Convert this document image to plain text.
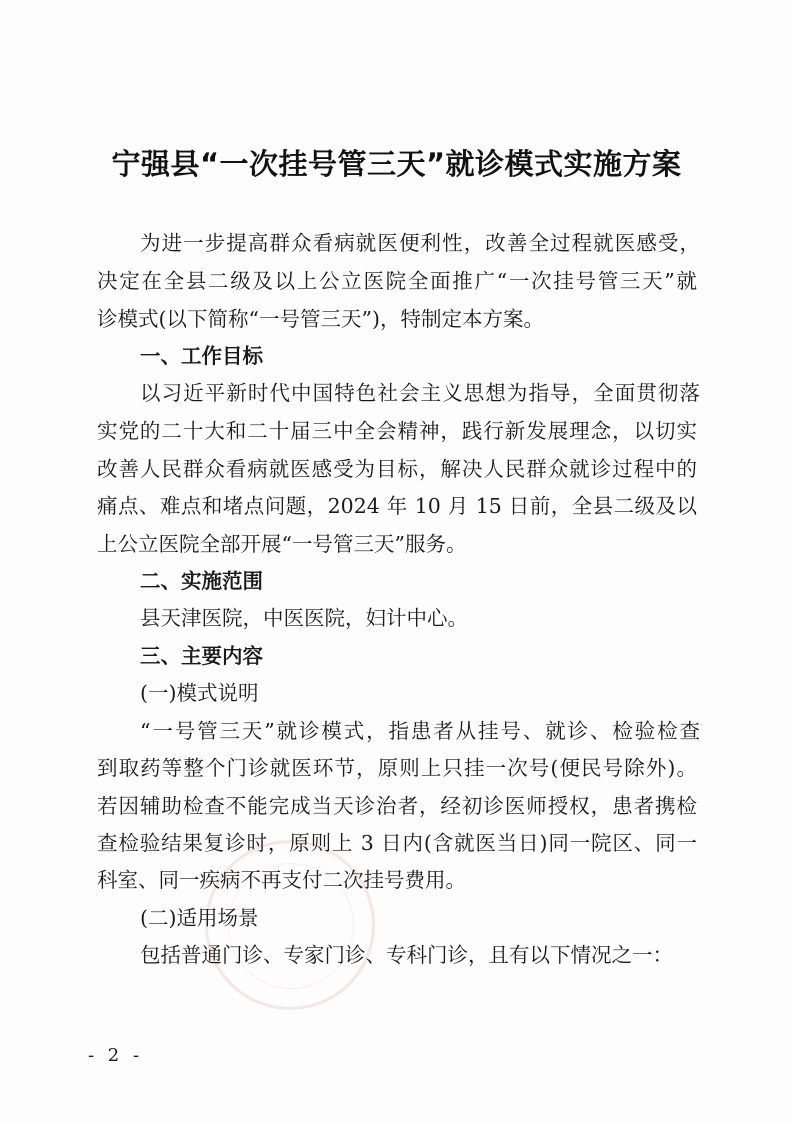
宁强县“一次挂号管三天”就诊模式实施方案
为进一步提高群众看病就医便利性，改善全过程就医感受，
决定在全县二级及以上公立医院全面推广“一次挂号管三天”就
诊模式(以下简称“一号管三天”)，特制定本方案。
一、工作目标
以习近平新时代中国特色社会主义思想为指导，全面贯彻落
实党的二十大和二十届三中全会精神，践行新发展理念，以切实
改善人民群众看病就医感受为目标，解决人民群众就诊过程中的
痛点、难点和堵点问题，2024 年 10 月 15 日前，全县二级及以
上公立医院全部开展“一号管三天”服务。
二、实施范围
县天津医院，中医医院，妇计中心。
三、主要内容
(一)模式说明
“一号管三天”就诊模式，指患者从挂号、就诊、检验检查
到取药等整个门诊就医环节，原则上只挂一次号(便民号除外)。
若因辅助检查不能完成当天诊治者，经初诊医师授权，患者携检
查检验结果复诊时，原则上 3 日内(含就医当日)同一院区、同一
科室、同一疾病不再支付二次挂号费用。
(二)适用场景
包括普通门诊、专家门诊、专科门诊，且有以下情况之一：
- 2 -
